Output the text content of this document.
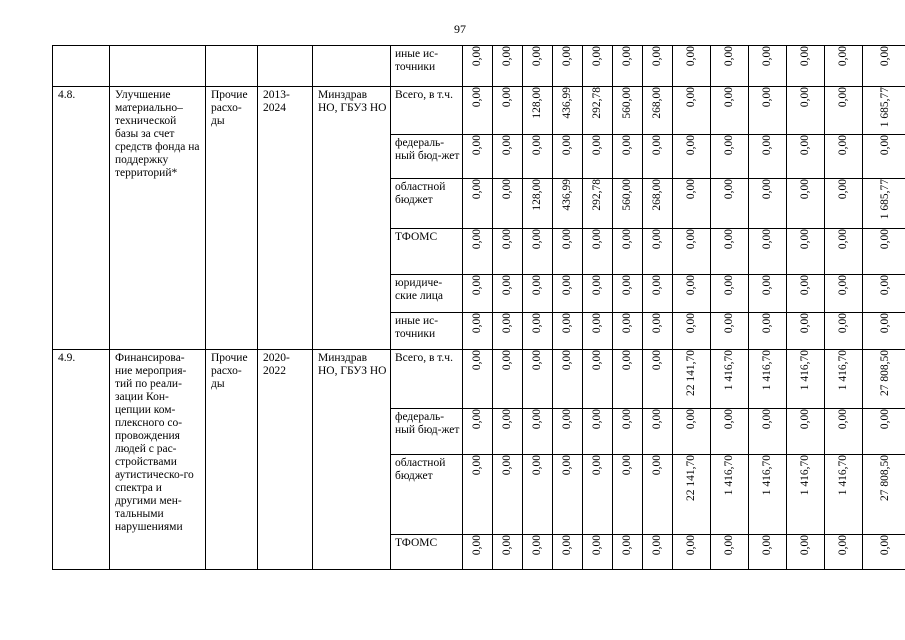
97

					иные ис-
точники	0,00	0,00	0,00	0,00	0,00	0,00	0,00	0,00	0,00	0,00	0,00	0,00	0,00

4.8.	Улучшение материально–технической базы за счет средств фонда на поддержку территорий*	Прочие расхо-ды	2013-2024	Минздрав НО, ГБУЗ НО	Всего, в т.ч.	0,00	0,00	128,00	436,99	292,78	560,00	268,00	0,00	0,00	0,00	0,00	0,00	1 685,77

					федераль-ный бюд-жет	0,00	0,00	0,00	0,00	0,00	0,00	0,00	0,00	0,00	0,00	0,00	0,00	0,00

					областной бюджет	0,00	0,00	128,00	436,99	292,78	560,00	268,00	0,00	0,00	0,00	0,00	0,00	1 685,77

					ТФОМС	0,00	0,00	0,00	0,00	0,00	0,00	0,00	0,00	0,00	0,00	0,00	0,00	0,00

					юридиче-ские лица	0,00	0,00	0,00	0,00	0,00	0,00	0,00	0,00	0,00	0,00	0,00	0,00	0,00

					иные ис-точники	0,00	0,00	0,00	0,00	0,00	0,00	0,00	0,00	0,00	0,00	0,00	0,00	0,00

4.9.	Финансирова-ние мероприя-тий по реали-зации Кон-цепции ком-плексного со-провождения людей с рас-стройствами аутистическо-го спектра и другими мен-тальными нарушениями	Прочие расхо-ды	2020-2022	Минздрав НО, ГБУЗ НО	Всего, в т.ч.	0,00	0,00	0,00	0,00	0,00	0,00	0,00	22 141,70	1 416,70	1 416,70	1 416,70	1 416,70	27 808,50

					федераль-ный бюд-жет	0,00	0,00	0,00	0,00	0,00	0,00	0,00	0,00	0,00	0,00	0,00	0,00	0,00

					областной бюджет	0,00	0,00	0,00	0,00	0,00	0,00	0,00	22 141,70	1 416,70	1 416,70	1 416,70	1 416,70	27 808,50

					ТФОМС	0,00	0,00	0,00	0,00	0,00	0,00	0,00	0,00	0,00	0,00	0,00	0,00	0,00
